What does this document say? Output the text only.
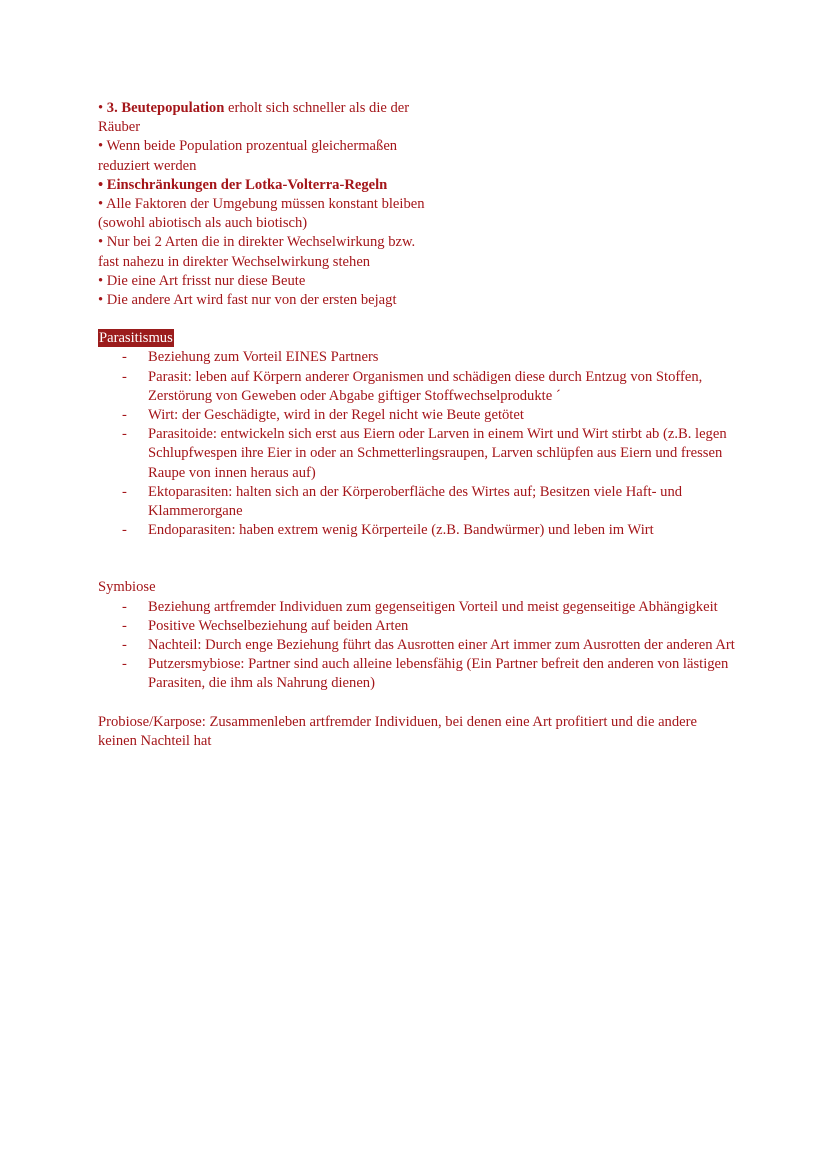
• 3. Beutepopulation erholt sich schneller als die der
Räuber
• Wenn beide Population prozentual gleichermaßen
reduziert werden
• Einschränkungen der Lotka-Volterra-Regeln
• Alle Faktoren der Umgebung müssen konstant bleiben
(sowohl abiotisch als auch biotisch)
• Nur bei 2 Arten die in direkter Wechselwirkung bzw.
fast nahezu in direkter Wechselwirkung stehen
• Die eine Art frisst nur diese Beute
• Die andere Art wird fast nur von der ersten bejagt
Parasitismus
- Beziehung zum Vorteil EINES Partners
- Parasit: leben auf Körpern anderer Organismen und schädigen diese durch Entzug von Stoffen, Zerstörung von Geweben oder Abgabe giftiger Stoffwechselprodukte ´
- Wirt: der Geschädigte, wird in der Regel nicht wie Beute getötet
- Parasitoide: entwickeln sich erst aus Eiern oder Larven in einem Wirt und Wirt stirbt ab (z.B. legen Schlupfwespen ihre Eier in oder an Schmetterlingsraupen, Larven schlüpfen aus Eiern und fressen Raupe von innen heraus auf)
- Ektoparasiten: halten sich an der Körperoberfläche des Wirtes auf; Besitzen viele Haft- und Klammerorgane
- Endoparasiten: haben extrem wenig Körperteile (z.B. Bandwürmer) und leben im Wirt
Symbiose
- Beziehung artfremder Individuen zum gegenseitigen Vorteil und meist gegenseitige Abhängigkeit
- Positive Wechselbeziehung auf beiden Arten
- Nachteil: Durch enge Beziehung führt das Ausrotten einer Art immer zum Ausrotten der anderen Art
- Putzersmybiose: Partner sind auch alleine lebensfähig (Ein Partner befreit den anderen von lästigen Parasiten, die ihm als Nahrung dienen)
Probiose/Karpose: Zusammenleben artfremder Individuen, bei denen eine Art profitiert und die andere keinen Nachteil hat
